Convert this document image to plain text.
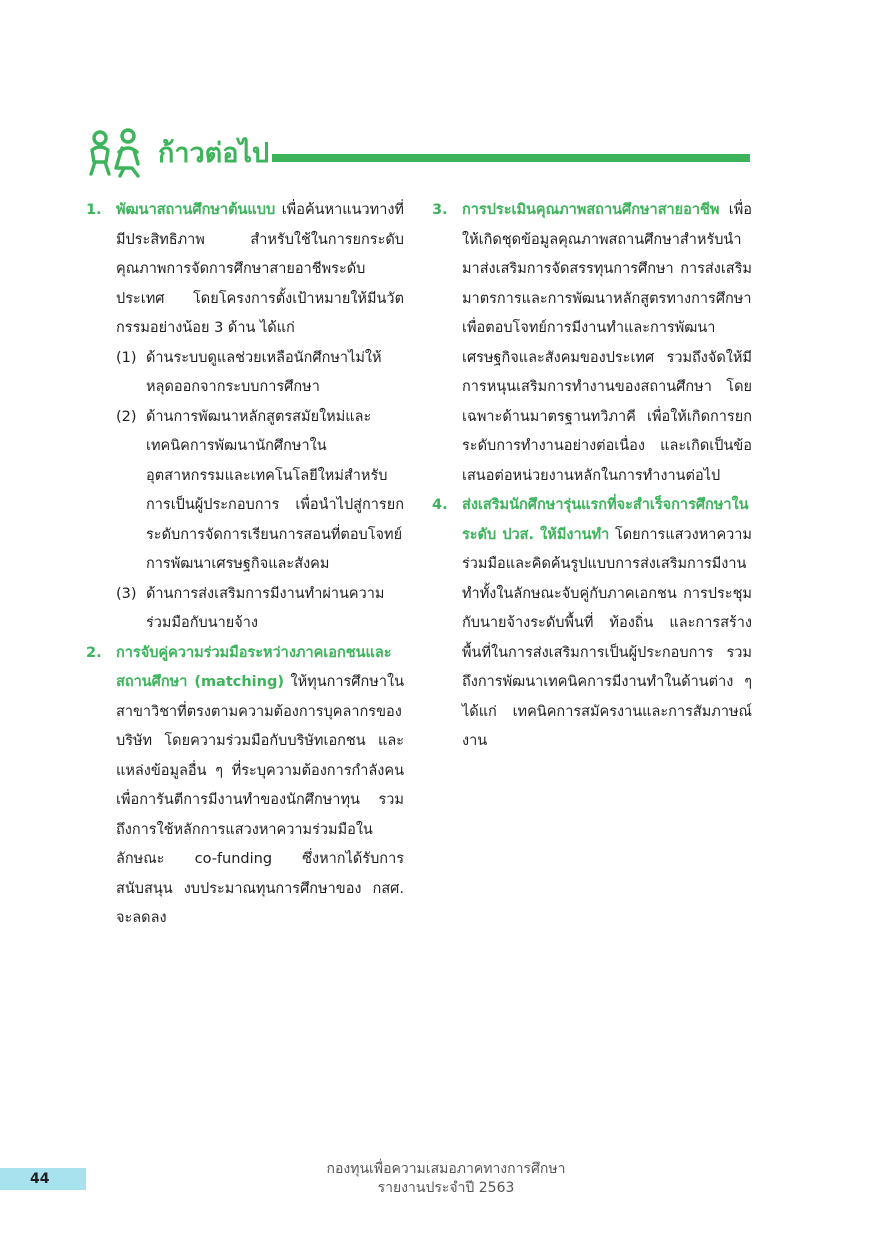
ก้าวต่อไป
1. พัฒนาสถานศึกษาต้นแบบ เพื่อค้นหาแนวทางที่มีประสิทธิภาพ สำหรับใช้ในการยกระดับคุณภาพการจัดการศึกษาสายอาชีพระดับประเทศ โดยโครงการตั้งเป้าหมายให้มีนวัตกรรมอย่างน้อย 3 ด้าน ได้แก่
(1) ด้านระบบดูแลช่วยเหลือนักศึกษาไม่ให้หลุดออกจากระบบการศึกษา
(2) ด้านการพัฒนาหลักสูตรสมัยใหม่และเทคนิคการพัฒนานักศึกษาในอุตสาหกรรมและเทคโนโลยีใหม่สำหรับการเป็นผู้ประกอบการ เพื่อนำไปสู่การยกระดับการจัดการเรียนการสอนที่ตอบโจทย์การพัฒนาเศรษฐกิจและสังคม
(3) ด้านการส่งเสริมการมีงานทำผ่านความร่วมมือกับนายจ้าง
2. การจับคู่ความร่วมมือระหว่างภาคเอกชนและสถานศึกษา (matching) ให้ทุนการศึกษาในสาขาวิชาที่ตรงตามความต้องการบุคลากรของบริษัท โดยความร่วมมือกับบริษัทเอกชน และแหล่งข้อมูลอื่น ๆ ที่ระบุความต้องการกำลังคน เพื่อการันตีการมีงานทำของนักศึกษาทุน รวมถึงการใช้หลักการแสวงหาความร่วมมือในลักษณะ co-funding ซึ่งหากได้รับการสนับสนุน งบประมาณทุนการศึกษาของ กสศ. จะลดลง
3. การประเมินคุณภาพสถานศึกษาสายอาชีพ เพื่อให้เกิดชุดข้อมูลคุณภาพสถานศึกษาสำหรับนำมาส่งเสริมการจัดสรรทุนการศึกษา การส่งเสริมมาตรการและการพัฒนาหลักสูตรทางการศึกษา เพื่อตอบโจทย์การมีงานทำและการพัฒนาเศรษฐกิจและสังคมของประเทศ รวมถึงจัดให้มีการหนุนเสริมการทำงานของสถานศึกษา โดยเฉพาะด้านมาตรฐานทวิภาคี เพื่อให้เกิดการยกระดับการทำงานอย่างต่อเนื่อง และเกิดเป็นข้อเสนอต่อหน่วยงานหลักในการทำงานต่อไป
4. ส่งเสริมนักศึกษารุ่นแรกที่จะสำเร็จการศึกษาในระดับ ปวส. ให้มีงานทำ โดยการแสวงหาความร่วมมือและคิดค้นรูปแบบการส่งเสริมการมีงานทำทั้งในลักษณะจับคู่กับภาคเอกชน การประชุมกับนายจ้างระดับพื้นที่ ท้องถิ่น และการสร้างพื้นที่ในการส่งเสริมการเป็นผู้ประกอบการ รวมถึงการพัฒนาเทคนิคการมีงานทำในด้านต่าง ๆ ได้แก่ เทคนิคการสมัครงานและการสัมภาษณ์งาน
44
กองทุนเพื่อความเสมอภาคทางการศึกษา
รายงานประจำปี 2563
